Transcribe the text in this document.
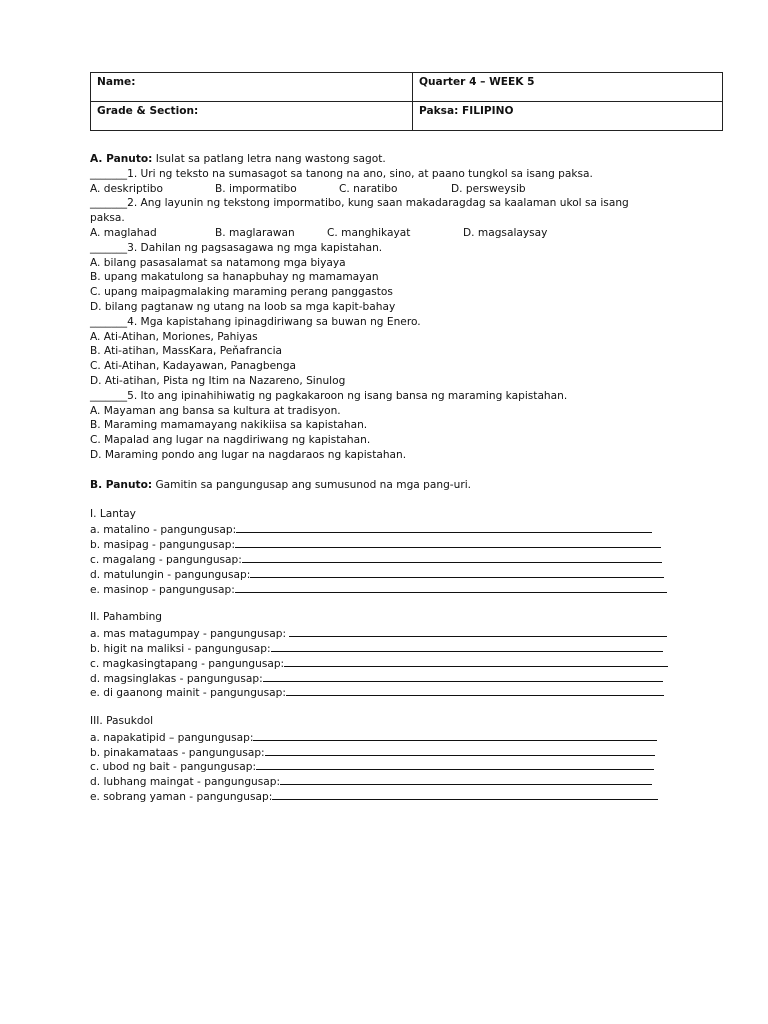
Name:	Quarter 4 – WEEK 5
Grade & Section:	Paksa: FILIPINO
A. Panuto: Isulat sa patlang letra nang wastong sagot.
_______1. Uri ng teksto na sumasagot sa tanong na ano, sino, at paano tungkol sa isang paksa.
A. deskriptibo	B. impormatibo	C. naratibo	D. persweysib
_______2. Ang layunin ng tekstong impormatibo, kung saan makadaragdag sa kaalaman ukol sa isang paksa.
A. maglahad	B. maglarawan	C. manghikayat	D. magsalaysay
_______3. Dahilan ng pagsasagawa ng mga kapistahan.
A. bilang pasasalamat sa natamong mga biyaya
B. upang makatulong sa hanapbuhay ng mamamayan
C. upang maipagmalaking maraming perang panggastos
D. bilang pagtanaw ng utang na loob sa mga kapit-bahay
_______4. Mga kapistahang ipinagdiriwang sa buwan ng Enero.
A. Ati-Atihan, Moriones, Pahiyas
B. Ati-atihan, MassKara, Peňafrancia
C. Ati-Atihan, Kadayawan, Panagbenga
D. Ati-atihan, Pista ng Itim na Nazareno, Sinulog
_______5. Ito ang ipinahihiwatig ng pagkakaroon ng isang bansa ng maraming kapistahan.
A. Mayaman ang bansa sa kultura at tradisyon.
B. Maraming mamamayang nakikiisa sa kapistahan.
C. Mapalad ang lugar na nagdiriwang ng kapistahan.
D. Maraming pondo ang lugar na nagdaraos ng kapistahan.
B. Panuto: Gamitin sa pangungusap ang sumusunod na mga pang-uri.
I. Lantay
a. matalino - pangungusap:
b. masipag - pangungusap:
c. magalang - pangungusap:
d. matulungin - pangungusap:
e. masinop - pangungusap:
II. Pahambing
a. mas matagumpay - pangungusap:
b. higit na maliksi - pangungusap:
c. magkasingtapang - pangungusap:
d. magsinglakas - pangungusap:
e. di gaanong mainit - pangungusap:
III. Pasukdol
a. napakatipid – pangungusap:
b. pinakamataas - pangungusap:
c. ubod ng bait - pangungusap:
d. lubhang maingat - pangungusap:
e. sobrang yaman - pangungusap:
